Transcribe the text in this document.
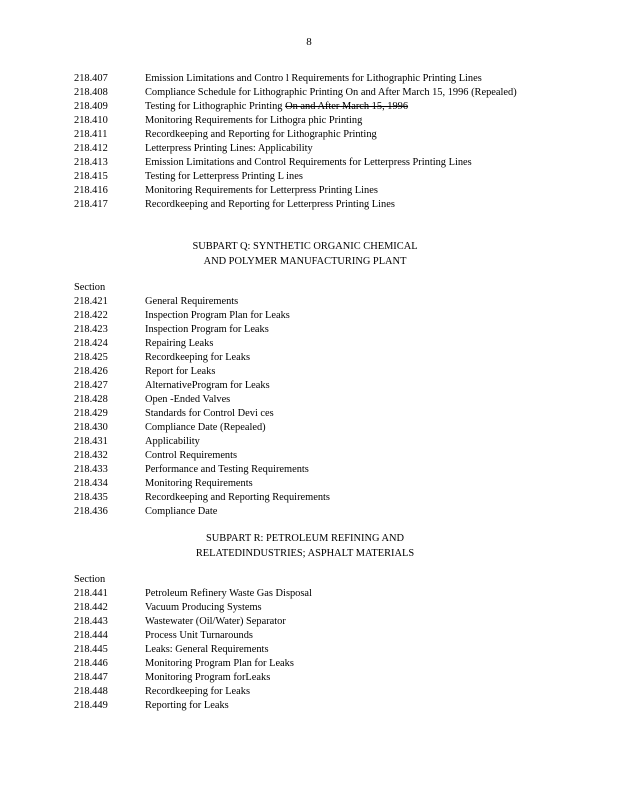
8
218.407	Emission Limitations and Contro l Requirements for Lithographic Printing Lines
218.408	Compliance Schedule for Lithographic Printing On and After March 15, 1996 (Repealed)
218.409	Testing for Lithographic Printing On and After March 15, 1996
218.410	Monitoring Requirements for Lithogra phic Printing
218.411	Recordkeeping and Reporting for Lithographic Printing
218.412	Letterpress Printing Lines: Applicability
218.413	Emission Limitations and Control Requirements for Letterpress Printing Lines
218.415	Testing for Letterpress Printing L ines
218.416	Monitoring Requirements for Letterpress Printing Lines
218.417	Recordkeeping and Reporting for Letterpress Printing Lines
SUBPART Q: SYNTHETIC ORGANIC CHEMICAL
AND POLYMER MANUFACTURING PLANT
Section
218.421	General Requirements
218.422	Inspection Program Plan for Leaks
218.423	Inspection Program for Leaks
218.424	Repairing Leaks
218.425	Recordkeeping for Leaks
218.426	Report for Leaks
218.427	AlternativeProgram for Leaks
218.428	Open -Ended Valves
218.429	Standards for Control Devi ces
218.430	Compliance Date (Repealed)
218.431	Applicability
218.432	Control Requirements
218.433	Performance and Testing Requirements
218.434	Monitoring Requirements
218.435	Recordkeeping and Reporting Requirements
218.436	Compliance Date
SUBPART R: PETROLEUM REFINING AND
RELATEDINDUSTRIES; ASPHALT MATERIALS
Section
218.441	Petroleum Refinery Waste Gas Disposal
218.442	Vacuum Producing Systems
218.443	Wastewater (Oil/Water) Separator
218.444	Process Unit Turnarounds
218.445	Leaks: General Requirements
218.446	Monitoring Program Plan for Leaks
218.447	Monitoring Program forLeaks
218.448	Recordkeeping for Leaks
218.449	Reporting for Leaks
